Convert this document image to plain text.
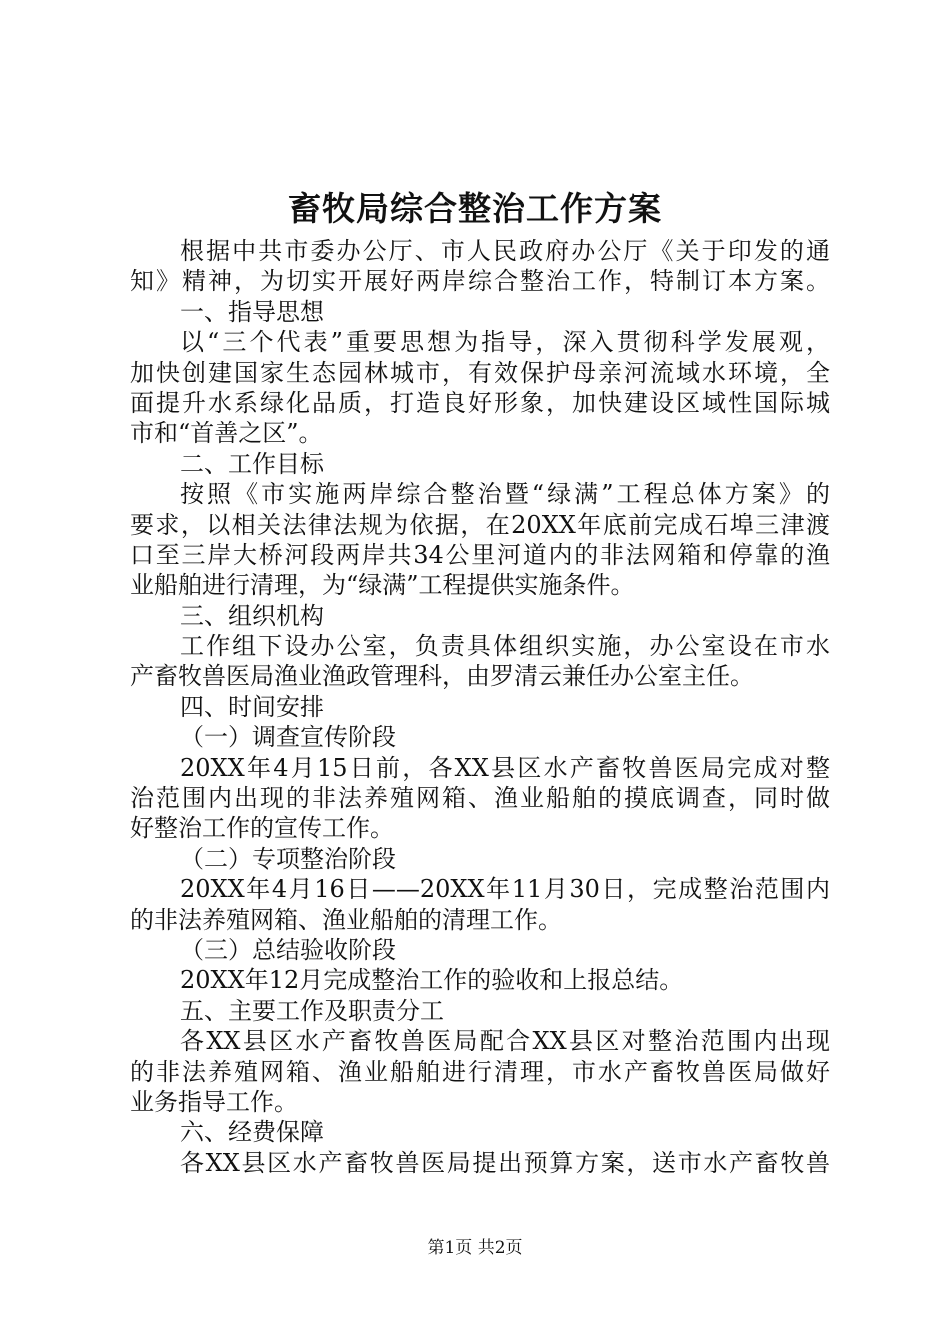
畜牧局综合整治工作方案
根据中共市委办公厅、市人民政府办公厅《关于印发的通
知》精神，为切实开展好两岸综合整治工作，特制订本方案。
一、指导思想
以“三个代表”重要思想为指导，深入贯彻科学发展观，
加快创建国家生态园林城市，有效保护母亲河流域水环境，全
面提升水系绿化品质，打造良好形象，加快建设区域性国际城
市和“首善之区”。
二、工作目标
按照《市实施两岸综合整治暨“绿满”工程总体方案》的
要求，以相关法律法规为依据，在20XX年底前完成石埠三津渡
口至三岸大桥河段两岸共34公里河道内的非法网箱和停靠的渔
业船舶进行清理，为“绿满”工程提供实施条件。
三、组织机构
工作组下设办公室，负责具体组织实施，办公室设在市水
产畜牧兽医局渔业渔政管理科，由罗清云兼任办公室主任。
四、时间安排
（一）调查宣传阶段
20XX年4月15日前，各XX县区水产畜牧兽医局完成对整
治范围内出现的非法养殖网箱、渔业船舶的摸底调查，同时做
好整治工作的宣传工作。
（二）专项整治阶段
20XX年4月16日——20XX年11月30日，完成整治范围内
的非法养殖网箱、渔业船舶的清理工作。
（三）总结验收阶段
20XX年12月完成整治工作的验收和上报总结。
五、主要工作及职责分工
各XX县区水产畜牧兽医局配合XX县区对整治范围内出现
的非法养殖网箱、渔业船舶进行清理，市水产畜牧兽医局做好
业务指导工作。
六、经费保障
各XX县区水产畜牧兽医局提出预算方案，送市水产畜牧兽
第1页 共2页
